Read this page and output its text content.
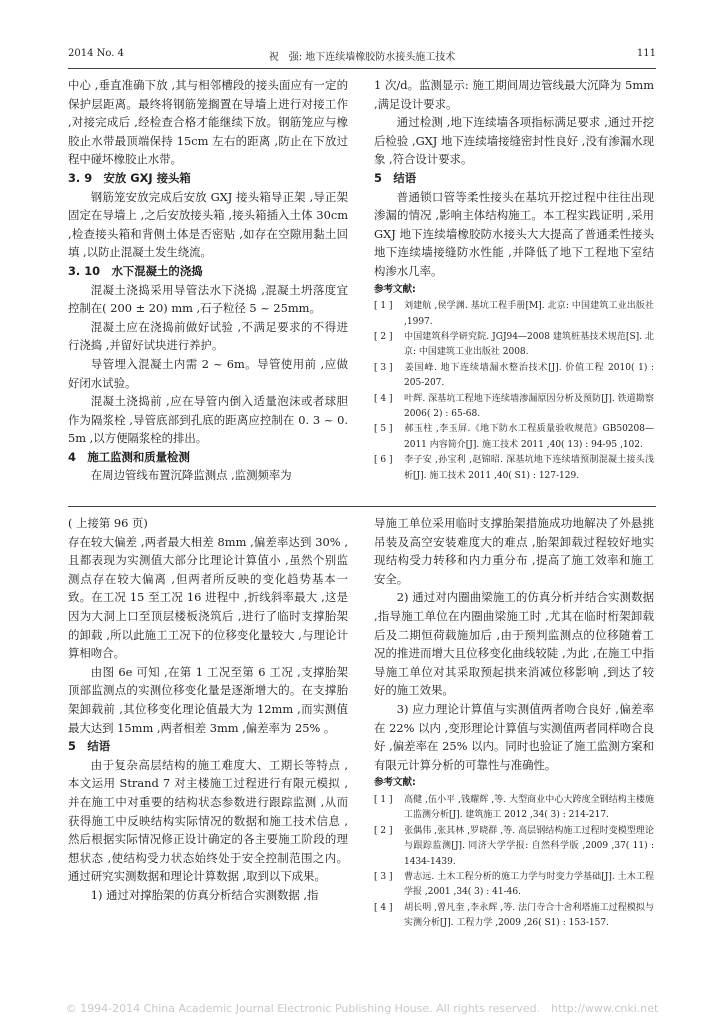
2014 No. 4	祝　强: 地下连续墙橡胶防水接头施工技术	111

中心 ,垂直准确下放 ,其与相邻槽段的接头面应有一定的保护层距离。最终将钢筋笼搁置在导墙上进行对接工作 ,对接完成后 ,经检查合格才能继续下放。钢筋笼应与橡胶止水带最顶端保持 15cm 左右的距离 ,防止在下放过程中碰坏橡胶止水带。

3. 9　安放 GXJ 接头箱

钢筋笼安放完成后安放 GXJ 接头箱导正架 ,导正架固定在导墙上 ,之后安放接头箱 ,接头箱插入土体 30cm ,检查接头箱和背侧土体是否密贴 ,如存在空隙用黏土回填 ,以防止混凝土发生绕流。

3. 10　水下混凝土的浇捣

混凝土浇捣采用导管法水下浇捣 ,混凝土坍落度宜控制在( 200 ± 20) mm ,石子粒径 5 ~ 25mm。

混凝土应在浇捣前做好试验 ,不满足要求的不得进行浇捣 ,并留好试块进行养护。

导管埋入混凝土内需 2 ~ 6m。导管使用前 ,应做好闭水试验。

混凝土浇捣前 ,应在导管内倒入适量泡沫或者球胆作为隔浆栓 ,导管底部到孔底的距离应控制在 0. 3 ~ 0. 5m ,以方便隔浆栓的排出。

4　施工监测和质量检测

在周边管线布置沉降监测点 ,监测频率为

1 次/d。监测显示: 施工期间周边管线最大沉降为 5mm ,满足设计要求。

通过检测 ,地下连续墙各项指标满足要求 ,通过开挖后检验 ,GXJ 地下连续墙接缝密封性良好 ,没有渗漏水现象 ,符合设计要求。

5　结语

普通锁口管等柔性接头在基坑开挖过程中往往出现渗漏的情况 ,影响主体结构施工。本工程实践证明 ,采用 GXJ 地下连续墙橡胶防水接头大大提高了普通柔性接头地下连续墙接缝防水性能 ,并降低了地下工程地下室结构渗水几率。

参考文献:

[ 1 ] 刘建航 ,侯学渊. 基坑工程手册[M]. 北京: 中国建筑工业出版社 ,1997.

[ 2 ] 中国建筑科学研究院. JGJ94—2008 建筑桩基技术规范[S]. 北京: 中国建筑工业出版社 2008.

[ 3 ] 姜国峰. 地下连续墙漏水整治技术[J]. 价值工程 2010( 1) : 205-207.

[ 4 ] 叶辉. 深基坑工程地下连续墙渗漏原因分析及预防[J]. 铁道勘察 2006( 2) : 65-68.

[ 5 ] 郝玉柱 ,李玉屏.《地下防水工程质量验收规范》GB50208—2011 内容简介[J]. 施工技术 2011 ,40( 13) : 94-95 ,102.

[ 6 ] 李子安 ,孙宝利 ,赵锦昭. 深基坑地下连续墙预制混凝土接头浅析[J]. 施工技术 2011 ,40( S1) : 127-129.

( 上接第 96 页)

存在较大偏差 ,两者最大相差 8mm ,偏差率达到 30% ,且都表现为实测值大部分比理论计算值小 ,虽然个别监测点存在较大偏离 ,但两者所反映的变化趋势基本一致。在工况 15 至工况 16 进程中 ,折线斜率最大 ,这是因为大洞上口至顶层楼板浇筑后 ,进行了临时支撑胎架的卸载 ,所以此施工工况下的位移变化量较大 ,与理论计算相吻合。

由图 6e 可知 ,在第 1 工况至第 6 工况 ,支撑胎架顶部监测点的实测位移变化量是逐渐增大的。在支撑胎架卸载前 ,其位移变化理论值最大为 12mm ,而实测值最大达到 15mm ,两者相差 3mm ,偏差率为 25% 。

5　结语

由于复杂高层结构的施工难度大、工期长等特点 ,本文运用 Strand 7 对主楼施工过程进行有限元模拟 ,并在施工中对重要的结构状态参数进行跟踪监测 ,从而获得施工中反映结构实际情况的数据和施工技术信息 ,然后根据实际情况修正设计确定的各主要施工阶段的理想状态 ,使结构受力状态始终处于安全控制范围之内。通过研究实测数据和理论计算数据 ,取到以下成果。

1) 通过对撑胎架的仿真分析结合实测数据 ,指

导施工单位采用临时支撑胎架措施成功地解决了外悬挑吊装及高空安装难度大的难点 ,胎架卸载过程较好地实现结构受力转移和内力重分布 ,提高了施工效率和施工安全。

2) 通过对内圈曲梁施工的仿真分析并结合实测数据 ,指导施工单位在内圈曲梁施工时 ,尤其在临时桁架卸载后及二期恒荷载施加后 ,由于预判监测点的位移随着工况的推进而增大且位移变化曲线较陡 ,为此 ,在施工中指导施工单位对其采取预起拱来消减位移影响 ,到达了较好的施工效果。

3) 应力理论计算值与实测值两者吻合良好 ,偏差率在 22% 以内 ,变形理论计算值与实测值两者同样吻合良好 ,偏差率在 25% 以内。同时也验证了施工监测方案和有限元计算分析的可靠性与准确性。

参考文献:

[ 1 ] 高健 ,伍小平 ,钱耀辉 ,等. 大型商业中心大跨度全钢结构主楼施工监测分析[J]. 建筑施工 2012 ,34( 3) : 214-217.

[ 2 ] 张偶伟 ,张其林 ,罗晓群 ,等. 高层钢结构施工过程时变模型理论与跟踪监测[J]. 同济大学学报: 自然科学版 ,2009 ,37( 11) : 1434-1439.

[ 3 ] 曹志远. 土木工程分析的施工力学与时变力学基础[J]. 土木工程学报 ,2001 ,34( 3) : 41-46.

[ 4 ] 胡长明 ,曾凡奎 ,李永辉 ,等. 法门寺合十舍利塔施工过程模拟与实测分析[J]. 工程力学 ,2009 ,26( S1) : 153-157.

© 1994-2014 China Academic Journal Electronic Publishing House. All rights reserved.　http://www.cnki.net
